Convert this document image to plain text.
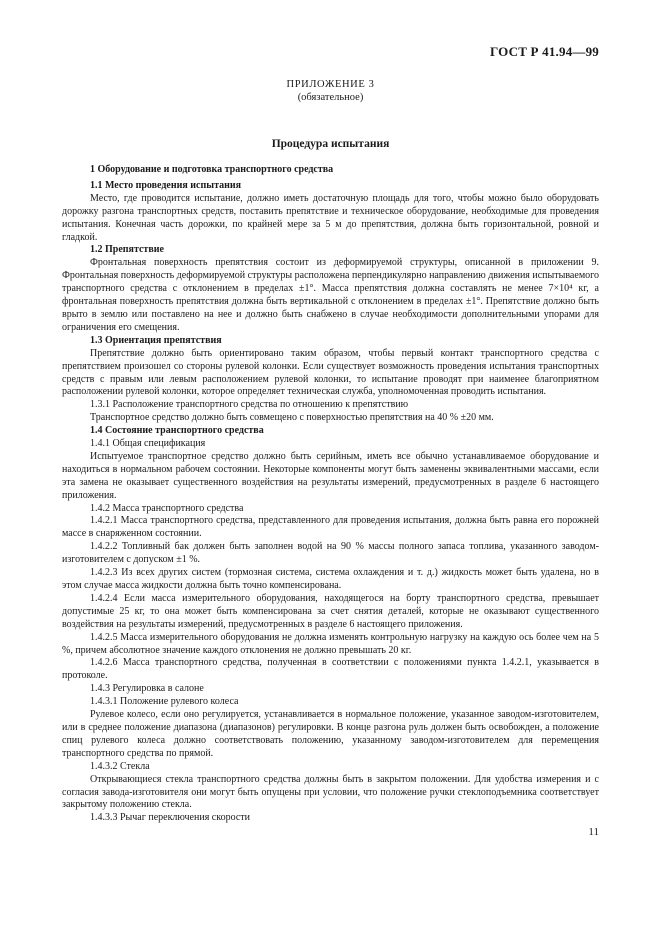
ГОСТ Р 41.94—99
ПРИЛОЖЕНИЕ 3
(обязательное)
Процедура испытания

1 Оборудование и подготовка транспортного средства

1.1 Место проведения испытания

Место, где проводится испытание, должно иметь достаточную площадь для того, чтобы можно было оборудовать дорожку разгона транспортных средств, поставить препятствие и техническое оборудование, необходимые для проведения испытания. Конечная часть дорожки, по крайней мере за 5 м до препятствия, должна быть горизонтальной, ровной и гладкой.

1.2 Препятствие

Фронтальная поверхность препятствия состоит из деформируемой структуры, описанной в приложении 9. Фронтальная поверхность деформируемой структуры расположена перпендикулярно направлению движения испытываемого транспортного средства с отклонением в пределах ±1°. Масса препятствия должна составлять не менее 7×10⁴ кг, а фронтальная поверхность препятствия должна быть вертикальной с отклонением в пределах ±1°. Препятствие должно быть врыто в землю или поставлено на нее и должно быть снабжено в случае необходимости дополнительными упорами для ограничения его смещения.

1.3 Ориентация препятствия

Препятствие должно быть ориентировано таким образом, чтобы первый контакт транспортного средства с препятствием произошел со стороны рулевой колонки. Если существует возможность проведения испытания транспортных средств с правым или левым расположением рулевой колонки, то испытание проводят при наименее благоприятном расположении рулевой колонки, которое определяет техническая служба, уполномоченная проводить испытания.

1.3.1 Расположение транспортного средства по отношению к препятствию

Транспортное средство должно быть совмещено с поверхностью препятствия на 40 % ±20 мм.

1.4 Состояние транспортного средства

1.4.1 Общая спецификация

Испытуемое транспортное средство должно быть серийным, иметь все обычно устанавливаемое оборудование и находиться в нормальном рабочем состоянии. Некоторые компоненты могут быть заменены эквивалентными массами, если эта замена не оказывает существенного воздействия на результаты измерений, предусмотренных в разделе 6 настоящего приложения.

1.4.2 Масса транспортного средства

1.4.2.1 Масса транспортного средства, представленного для проведения испытания, должна быть равна его порожней массе в снаряженном состоянии.

1.4.2.2 Топливный бак должен быть заполнен водой на 90 % массы полного запаса топлива, указанного заводом-изготовителем с допуском ±1 %.

1.4.2.3 Из всех других систем (тормозная система, система охлаждения и т. д.) жидкость может быть удалена, но в этом случае масса жидкости должна быть точно компенсирована.

1.4.2.4 Если масса измерительного оборудования, находящегося на борту транспортного средства, превышает допустимые 25 кг, то она может быть компенсирована за счет снятия деталей, которые не оказывают существенного воздействия на результаты измерений, предусмотренных в разделе 6 настоящего приложения.

1.4.2.5 Масса измерительного оборудования не должна изменять контрольную нагрузку на каждую ось более чем на 5 %, причем абсолютное значение каждого отклонения не должно превышать 20 кг.

1.4.2.6 Масса транспортного средства, полученная в соответствии с положениями пункта 1.4.2.1, указывается в протоколе.

1.4.3 Регулировка в салоне

1.4.3.1 Положение рулевого колеса

Рулевое колесо, если оно регулируется, устанавливается в нормальное положение, указанное заводом-изготовителем, или в среднее положение диапазона (диапазонов) регулировки. В конце разгона руль должен быть освобожден, а положение спиц рулевого колеса должно соответствовать положению, указанному заводом-изготовителем для перемещения транспортного средства по прямой.

1.4.3.2 Стекла

Открывающиеся стекла транспортного средства должны быть в закрытом положении. Для удобства измерения и с согласия завода-изготовителя они могут быть опущены при условии, что положение ручки стеклоподъемника соответствует закрытому положению стекла.

1.4.3.3 Рычаг переключения скорости

11
